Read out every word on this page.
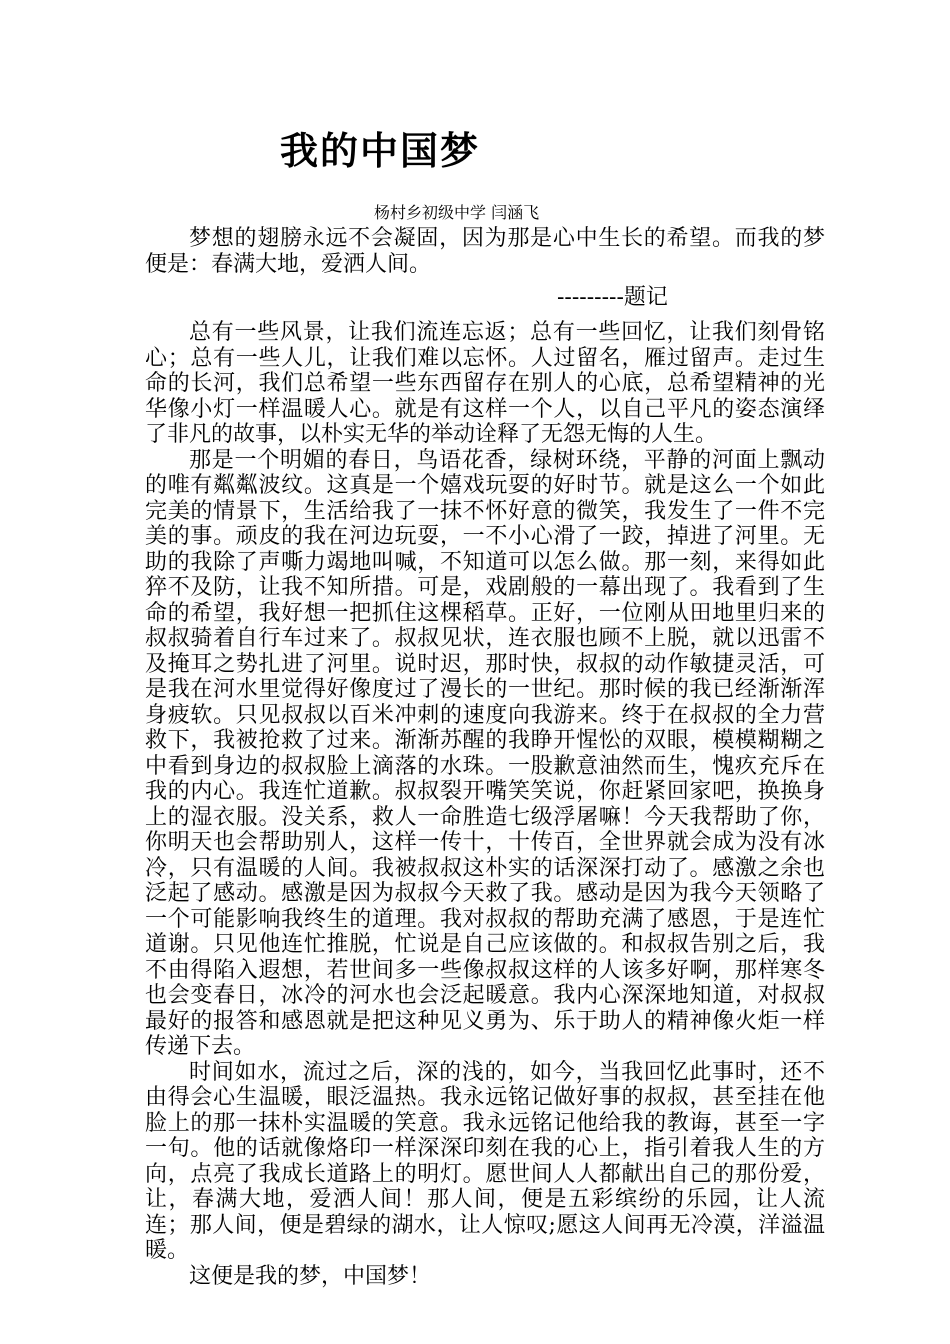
我的中国梦
杨村乡初级中学 闫涵飞

梦想的翅膀永远不会凝固，因为那是心中生长的希望。而我的梦便是：春满大地，爱洒人间。

---------题记

总有一些风景，让我们流连忘返；总有一些回忆，让我们刻骨铭心；总有一些人儿，让我们难以忘怀。人过留名，雁过留声。走过生命的长河，我们总希望一些东西留存在别人的心底，总希望精神的光华像小灯一样温暖人心。就是有这样一个人，以自己平凡的姿态演绎了非凡的故事，以朴实无华的举动诠释了无怨无悔的人生。

那是一个明媚的春日，鸟语花香，绿树环绕，平静的河面上飘动的唯有粼粼波纹。这真是一个嬉戏玩耍的好时节。就是这么一个如此完美的情景下，生活给我了一抹不怀好意的微笑，我发生了一件不完美的事。顽皮的我在河边玩耍，一不小心滑了一跤，掉进了河里。无助的我除了声嘶力竭地叫喊，不知道可以怎么做。那一刻，来得如此猝不及防，让我不知所措。可是，戏剧般的一幕出现了。我看到了生命的希望，我好想一把抓住这棵稻草。正好，一位刚从田地里归来的叔叔骑着自行车过来了。叔叔见状，连衣服也顾不上脱，就以迅雷不及掩耳之势扎进了河里。说时迟，那时快，叔叔的动作敏捷灵活，可是我在河水里觉得好像度过了漫长的一世纪。那时候的我已经渐渐浑身疲软。只见叔叔以百米冲刺的速度向我游来。终于在叔叔的全力营救下，我被抢救了过来。渐渐苏醒的我睁开惺忪的双眼，模模糊糊之中看到身边的叔叔脸上滴落的水珠。一股歉意油然而生，愧疚充斥在我的内心。我连忙道歉。叔叔裂开嘴笑笑说，你赶紧回家吧，换换身上的湿衣服。没关系，救人一命胜造七级浮屠嘛！今天我帮助了你，你明天也会帮助别人，这样一传十，十传百，全世界就会成为没有冰冷，只有温暖的人间。我被叔叔这朴实的话深深打动了。感激之余也泛起了感动。感激是因为叔叔今天救了我。感动是因为我今天领略了一个可能影响我终生的道理。我对叔叔的帮助充满了感恩，于是连忙道谢。只见他连忙推脱，忙说是自己应该做的。和叔叔告别之后，我不由得陷入遐想，若世间多一些像叔叔这样的人该多好啊，那样寒冬也会变春日，冰冷的河水也会泛起暖意。我内心深深地知道，对叔叔最好的报答和感恩就是把这种见义勇为、乐于助人的精神像火炬一样传递下去。

时间如水，流过之后，深的浅的，如今，当我回忆此事时，还不由得会心生温暖，眼泛温热。我永远铭记做好事的叔叔，甚至挂在他脸上的那一抹朴实温暖的笑意。我永远铭记他给我的教诲，甚至一字一句。他的话就像烙印一样深深印刻在我的心上，指引着我人生的方向，点亮了我成长道路上的明灯。愿世间人人都献出自己的那份爱，让，春满大地，爱洒人间！那人间，便是五彩缤纷的乐园，让人流连；那人间，便是碧绿的湖水，让人惊叹;愿这人间再无冷漠，洋溢温暖。

这便是我的梦，中国梦！
